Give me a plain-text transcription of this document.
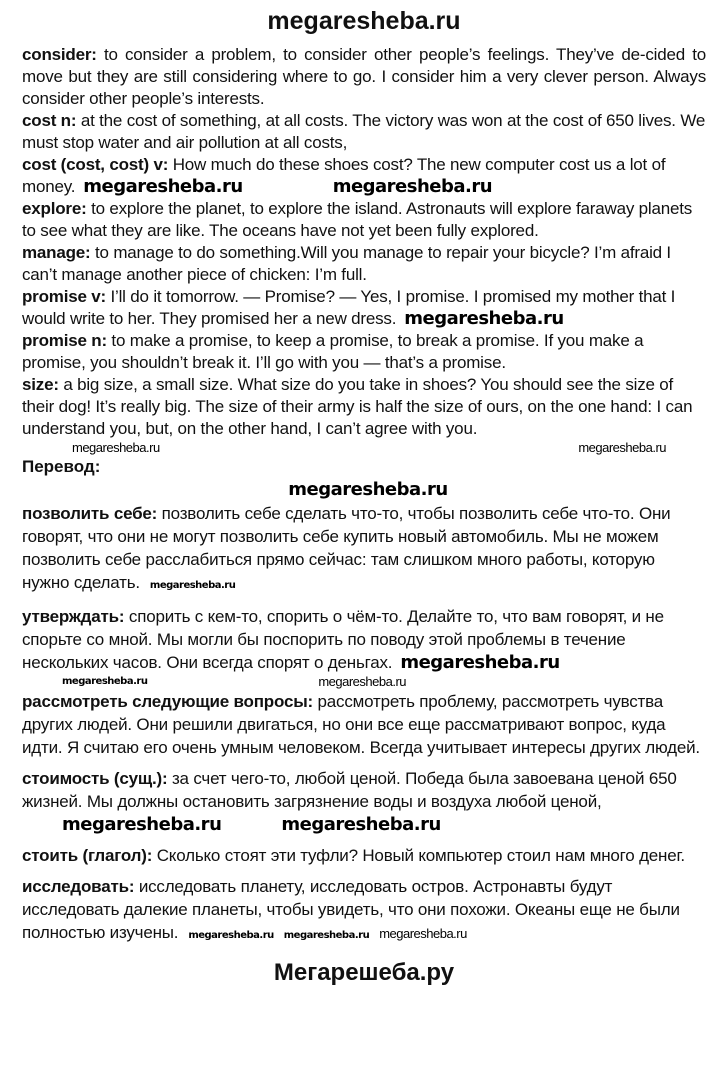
megaresheba.ru
consider: to consider a problem, to consider other people’s feelings. They’ve de-cided to move but they are still considering where to go. I consider him a very clever person. Always consider other people’s interests.
cost n: at the cost of something, at all costs. The victory was won at the cost of 650 lives. We must stop water and air pollution at all costs,
cost (cost, cost) v: How much do these shoes cost? The new computer cost us a lot of money. megaresheba.ru	megaresheba.ru
explore: to explore the planet, to explore the island. Astronauts will explore faraway planets to see what they are like. The oceans have not yet been fully explored.
manage: to manage to do something.Will you manage to repair your bicycle? I’m afraid I can’t manage another piece of chicken: I’m full.
promise v: I’ll do it tomorrow. — Promise? — Yes, I promise. I promised my mother that I would write to her. They promised her a new dress. megaresheba.ru
promise n: to make a promise, to keep a promise, to break a promise. If you make a promise, you shouldn’t break it. I’ll go with you — that’s a promise.
size: a big size, a small size. What size do you take in shoes? You should see the size of their dog! It’s really big. The size of their army is half the size of ours, on the one hand: I can understand you, but, on the other hand, I can’t agree with you.
megaresheba.ru	megaresheba.ru
Перевод:
megaresheba.ru
позволить себе: позволить себе сделать что-то, чтобы позволить себе что-то. Они говорят, что они не могут позволить себе купить новый автомобиль. Мы не можем позволить себе расслабиться прямо сейчас: там слишком много работы, которую нужно сделать. megaresheba.ru
утверждать: спорить с кем-то, спорить о чём-то. Делайте то, что вам говорят, и не спорьте со мной. Мы могли бы поспорить по поводу этой проблемы в течение нескольких часов. Они всегда спорят о деньгах. megaresheba.ru
megaresheba.ru	megaresheba.ru
рассмотреть следующие вопросы: рассмотреть проблему, рассмотреть чувства других людей. Они решили двигаться, но они все еще рассматривают вопрос, куда идти. Я считаю его очень умным человеком. Всегда учитывает интересы других людей.
стоимость (сущ.): за счет чего-то, любой ценой. Победа была завоевана ценой 650 жизней. Мы должны остановить загрязнение воды и воздуха любой ценой,megaresheba.ru	megaresheba.ru
стоить (глагол): Сколько стоят эти туфли? Новый компьютер стоил нам много денег.
исследовать: исследовать планету, исследовать остров. Астронавты будут исследовать далекие планеты, чтобы увидеть, что они похожи. Океаны еще не были полностью изучены. megaresheba.ru megaresheba.ru megaresheba.ru
Мегарешеба.ру
